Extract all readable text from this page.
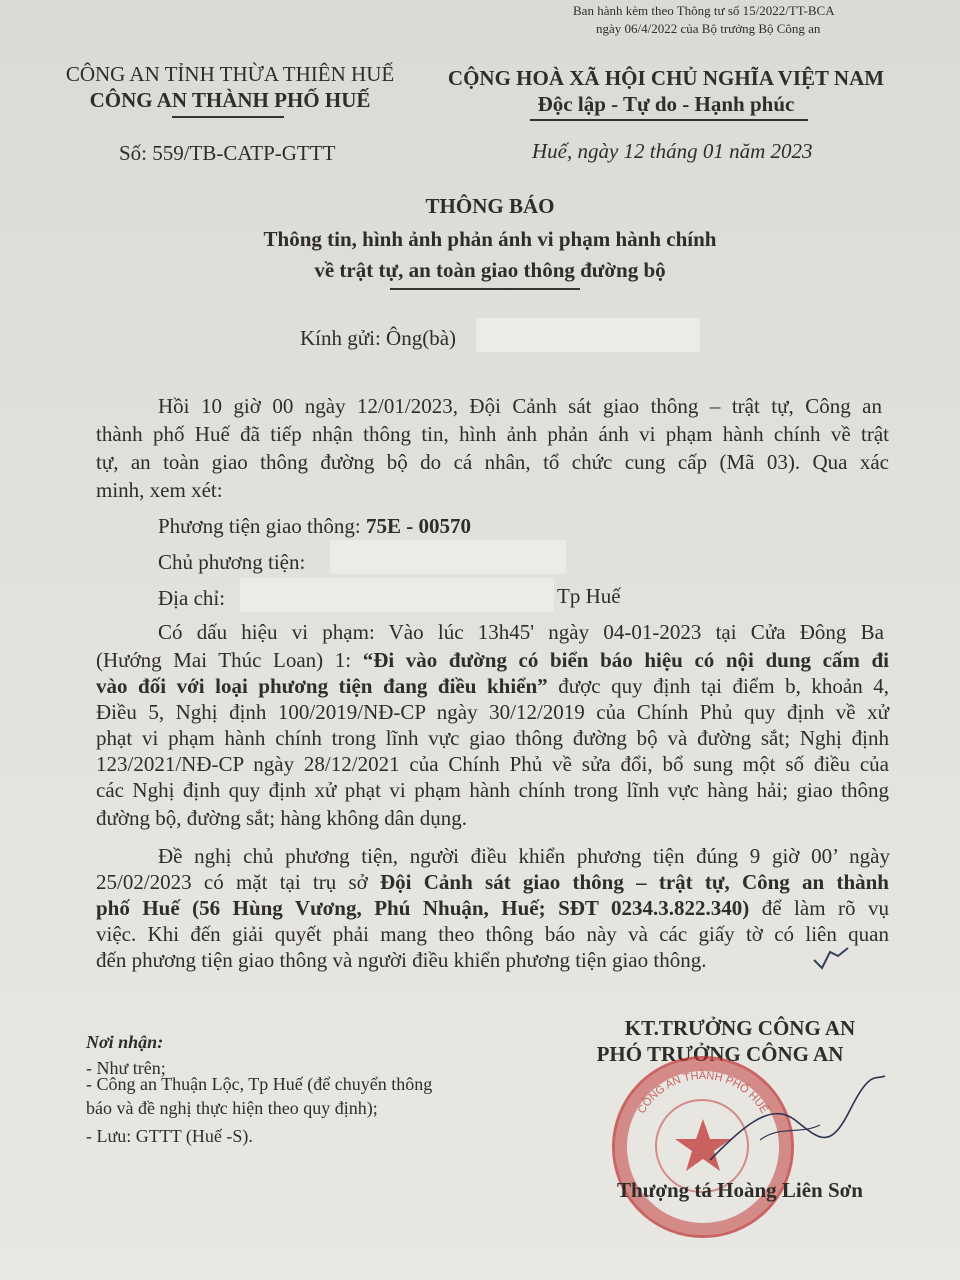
Ban hành kèm theo Thông tư số 15/2022/TT-BCA
ngày 06/4/2022 của Bộ trưởng Bộ Công an
CÔNG AN TỈNH THỪA THIÊN HUẾ
CÔNG AN THÀNH PHỐ HUẾ
CỘNG HOÀ XÃ HỘI CHỦ NGHĨA VIỆT NAM
Độc lập - Tự do - Hạnh phúc
Số: 559/TB-CATP-GTTT	Huế, ngày 12 tháng 01 năm 2023
THÔNG BÁO
Thông tin, hình ảnh phản ánh vi phạm hành chính
về trật tự, an toàn giao thông đường bộ
Kính gửi: Ông(bà)
Hồi 10 giờ 00 ngày 12/01/2023, Đội Cảnh sát giao thông – trật tự, Công an
thành phố Huế đã tiếp nhận thông tin, hình ảnh phản ánh vi phạm hành chính về trật
tự, an toàn giao thông đường bộ do cá nhân, tổ chức cung cấp (Mã 03). Qua xác
minh, xem xét:
Phương tiện giao thông: 75E - 00570
Chủ phương tiện:
Địa chỉ:	Tp Huế
Có dấu hiệu vi phạm: Vào lúc 13h45' ngày 04-01-2023 tại Cửa Đông Ba
(Hướng Mai Thúc Loan) 1: “Đi vào đường có biển báo hiệu có nội dung cấm đi
vào đối với loại phương tiện đang điều khiển” được quy định tại điểm b, khoản 4,
Điều 5, Nghị định 100/2019/NĐ-CP ngày 30/12/2019 của Chính Phủ quy định về xử
phạt vi phạm hành chính trong lĩnh vực giao thông đường bộ và đường sắt; Nghị định
123/2021/NĐ-CP ngày 28/12/2021 của Chính Phủ về sửa đổi, bổ sung một số điều của
các Nghị định quy định xử phạt vi phạm hành chính trong lĩnh vực hàng hải; giao thông
đường bộ, đường sắt; hàng không dân dụng.
Đề nghị chủ phương tiện, người điều khiển phương tiện đúng 9 giờ 00’ ngày
25/02/2023 có mặt tại trụ sở Đội Cảnh sát giao thông – trật tự, Công an thành
phố Huế (56 Hùng Vương, Phú Nhuận, Huế; SĐT 0234.3.822.340) để làm rõ vụ
việc. Khi đến giải quyết phải mang theo thông báo này và các giấy tờ có liên quan
đến phương tiện giao thông và người điều khiển phương tiện giao thông.
Nơi nhận:
- Như trên;
- Công an Thuận Lộc, Tp Huế (để chuyển thông
báo và đề nghị thực hiện theo quy định);
- Lưu: GTTT (Huế -S).
KT.TRƯỞNG CÔNG AN
PHÓ TRƯỞNG CÔNG AN
CÔNG AN THÀNH PHỐ HUẾ
Thượng tá Hoàng Liên Sơn
